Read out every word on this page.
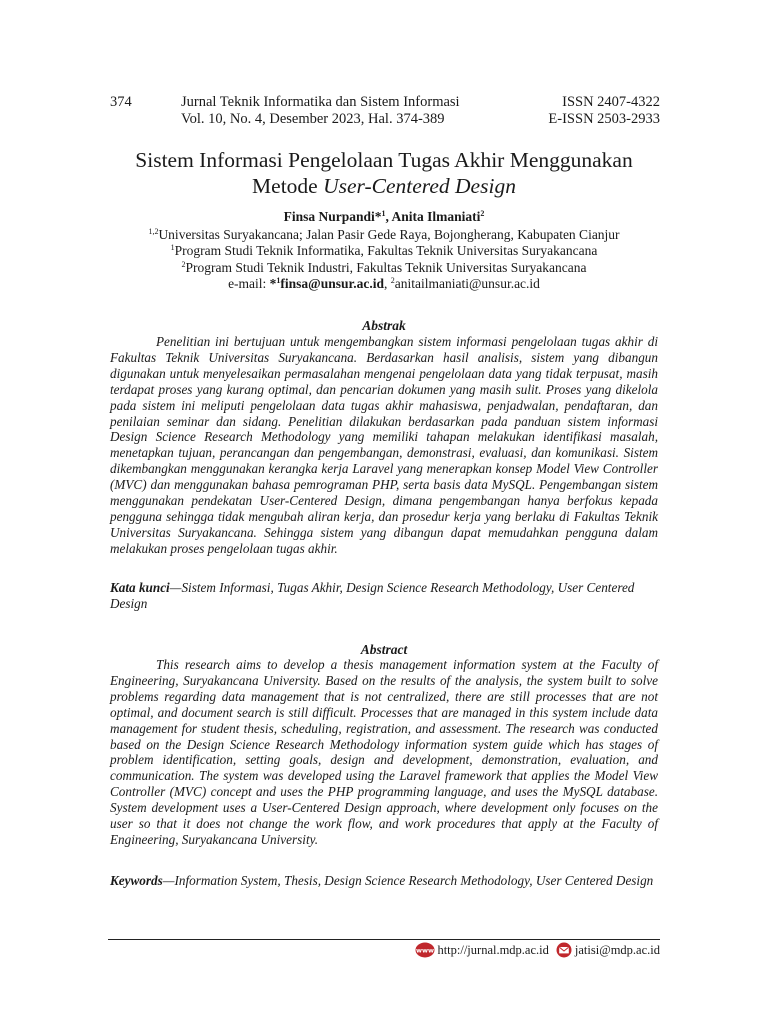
374	Jurnal Teknik Informatika dan Sistem Informasi
Vol. 10, No. 4, Desember 2023, Hal. 374-389
ISSN 2407-4322
E-ISSN 2503-2933
Sistem Informasi Pengelolaan Tugas Akhir Menggunakan
Metode User-Centered Design
Finsa Nurpandi*$^1$, Anita Ilmaniati$^2$
$^{1,2}$Universitas Suryakancana; Jalan Pasir Gede Raya, Bojongherang, Kabupaten Cianjur
$^1$Program Studi Teknik Informatika, Fakultas Teknik Universitas Suryakancana
$^2$Program Studi Teknik Industri, Fakultas Teknik Universitas Suryakancana
e-mail: *$^1$finsa@unsur.ac.id, $^2$anitailmaniati@unsur.ac.id
Abstrak

Penelitian ini bertujuan untuk mengembangkan sistem informasi pengelolaan tugas akhir di Fakultas Teknik Universitas Suryakancana. Berdasarkan hasil analisis, sistem yang dibangun digunakan untuk menyelesaikan permasalahan mengenai pengelolaan data yang tidak terpusat, masih terdapat proses yang kurang optimal, dan pencarian dokumen yang masih sulit. Proses yang dikelola pada sistem ini meliputi pengelolaan data tugas akhir mahasiswa, penjadwalan, pendaftaran, dan penilaian seminar dan sidang. Penelitian dilakukan berdasarkan pada panduan sistem informasi Design Science Research Methodology yang memiliki tahapan melakukan identifikasi masalah, menetapkan tujuan, perancangan dan pengembangan, demonstrasi, evaluasi, dan komunikasi. Sistem dikembangkan menggunakan kerangka kerja Laravel yang menerapkan konsep Model View Controller (MVC) dan menggunakan bahasa pemrograman PHP, serta basis data MySQL. Pengembangan sistem menggunakan pendekatan User-Centered Design, dimana pengembangan hanya berfokus kepada pengguna sehingga tidak mengubah aliran kerja, dan prosedur kerja yang berlaku di Fakultas Teknik Universitas Suryakancana. Sehingga sistem yang dibangun dapat memudahkan pengguna dalam melakukan proses pengelolaan tugas akhir.

Kata kunci—Sistem Informasi, Tugas Akhir, Design Science Research Methodology, User Centered Design

Abstract

This research aims to develop a thesis management information system at the Faculty of Engineering, Suryakancana University. Based on the results of the analysis, the system built to solve problems regarding data management that is not centralized, there are still processes that are not optimal, and document search is still difficult. Processes that are managed in this system include data management for student thesis, scheduling, registration, and assessment. The research was conducted based on the Design Science Research Methodology information system guide which has stages of problem identification, setting goals, design and development, demonstration, evaluation, and communication. The system was developed using the Laravel framework that applies the Model View Controller (MVC) concept and uses the PHP programming language, and uses the MySQL database. System development uses a User-Centered Design approach, where development only focuses on the user so that it does not change the work flow, and work procedures that apply at the Faculty of Engineering, Suryakancana University.

Keywords—Information System, Thesis, Design Science Research Methodology, User Centered Design

www http://jurnal.mdp.ac.id jatisi@mdp.ac.id
